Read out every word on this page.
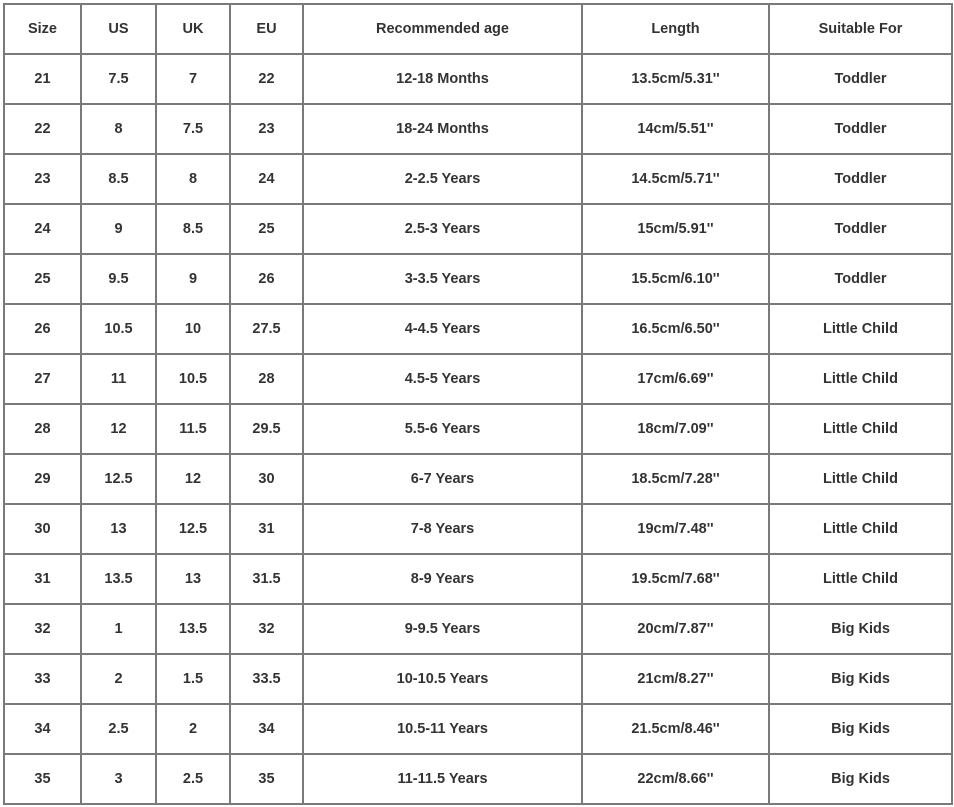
Size	US	UK	EU	Recommended age	Length	Suitable For
21	7.5	7	22	12-18 Months	13.5cm/5.31''	Toddler
22	8	7.5	23	18-24 Months	14cm/5.51''	Toddler
23	8.5	8	24	2-2.5 Years	14.5cm/5.71''	Toddler
24	9	8.5	25	2.5-3 Years	15cm/5.91''	Toddler
25	9.5	9	26	3-3.5 Years	15.5cm/6.10''	Toddler
26	10.5	10	27.5	4-4.5 Years	16.5cm/6.50''	Little Child
27	11	10.5	28	4.5-5 Years	17cm/6.69''	Little Child
28	12	11.5	29.5	5.5-6 Years	18cm/7.09''	Little Child
29	12.5	12	30	6-7 Years	18.5cm/7.28''	Little Child
30	13	12.5	31	7-8 Years	19cm/7.48''	Little Child
31	13.5	13	31.5	8-9 Years	19.5cm/7.68''	Little Child
32	1	13.5	32	9-9.5 Years	20cm/7.87''	Big Kids
33	2	1.5	33.5	10-10.5 Years	21cm/8.27''	Big Kids
34	2.5	2	34	10.5-11 Years	21.5cm/8.46''	Big Kids
35	3	2.5	35	11-11.5 Years	22cm/8.66''	Big Kids
